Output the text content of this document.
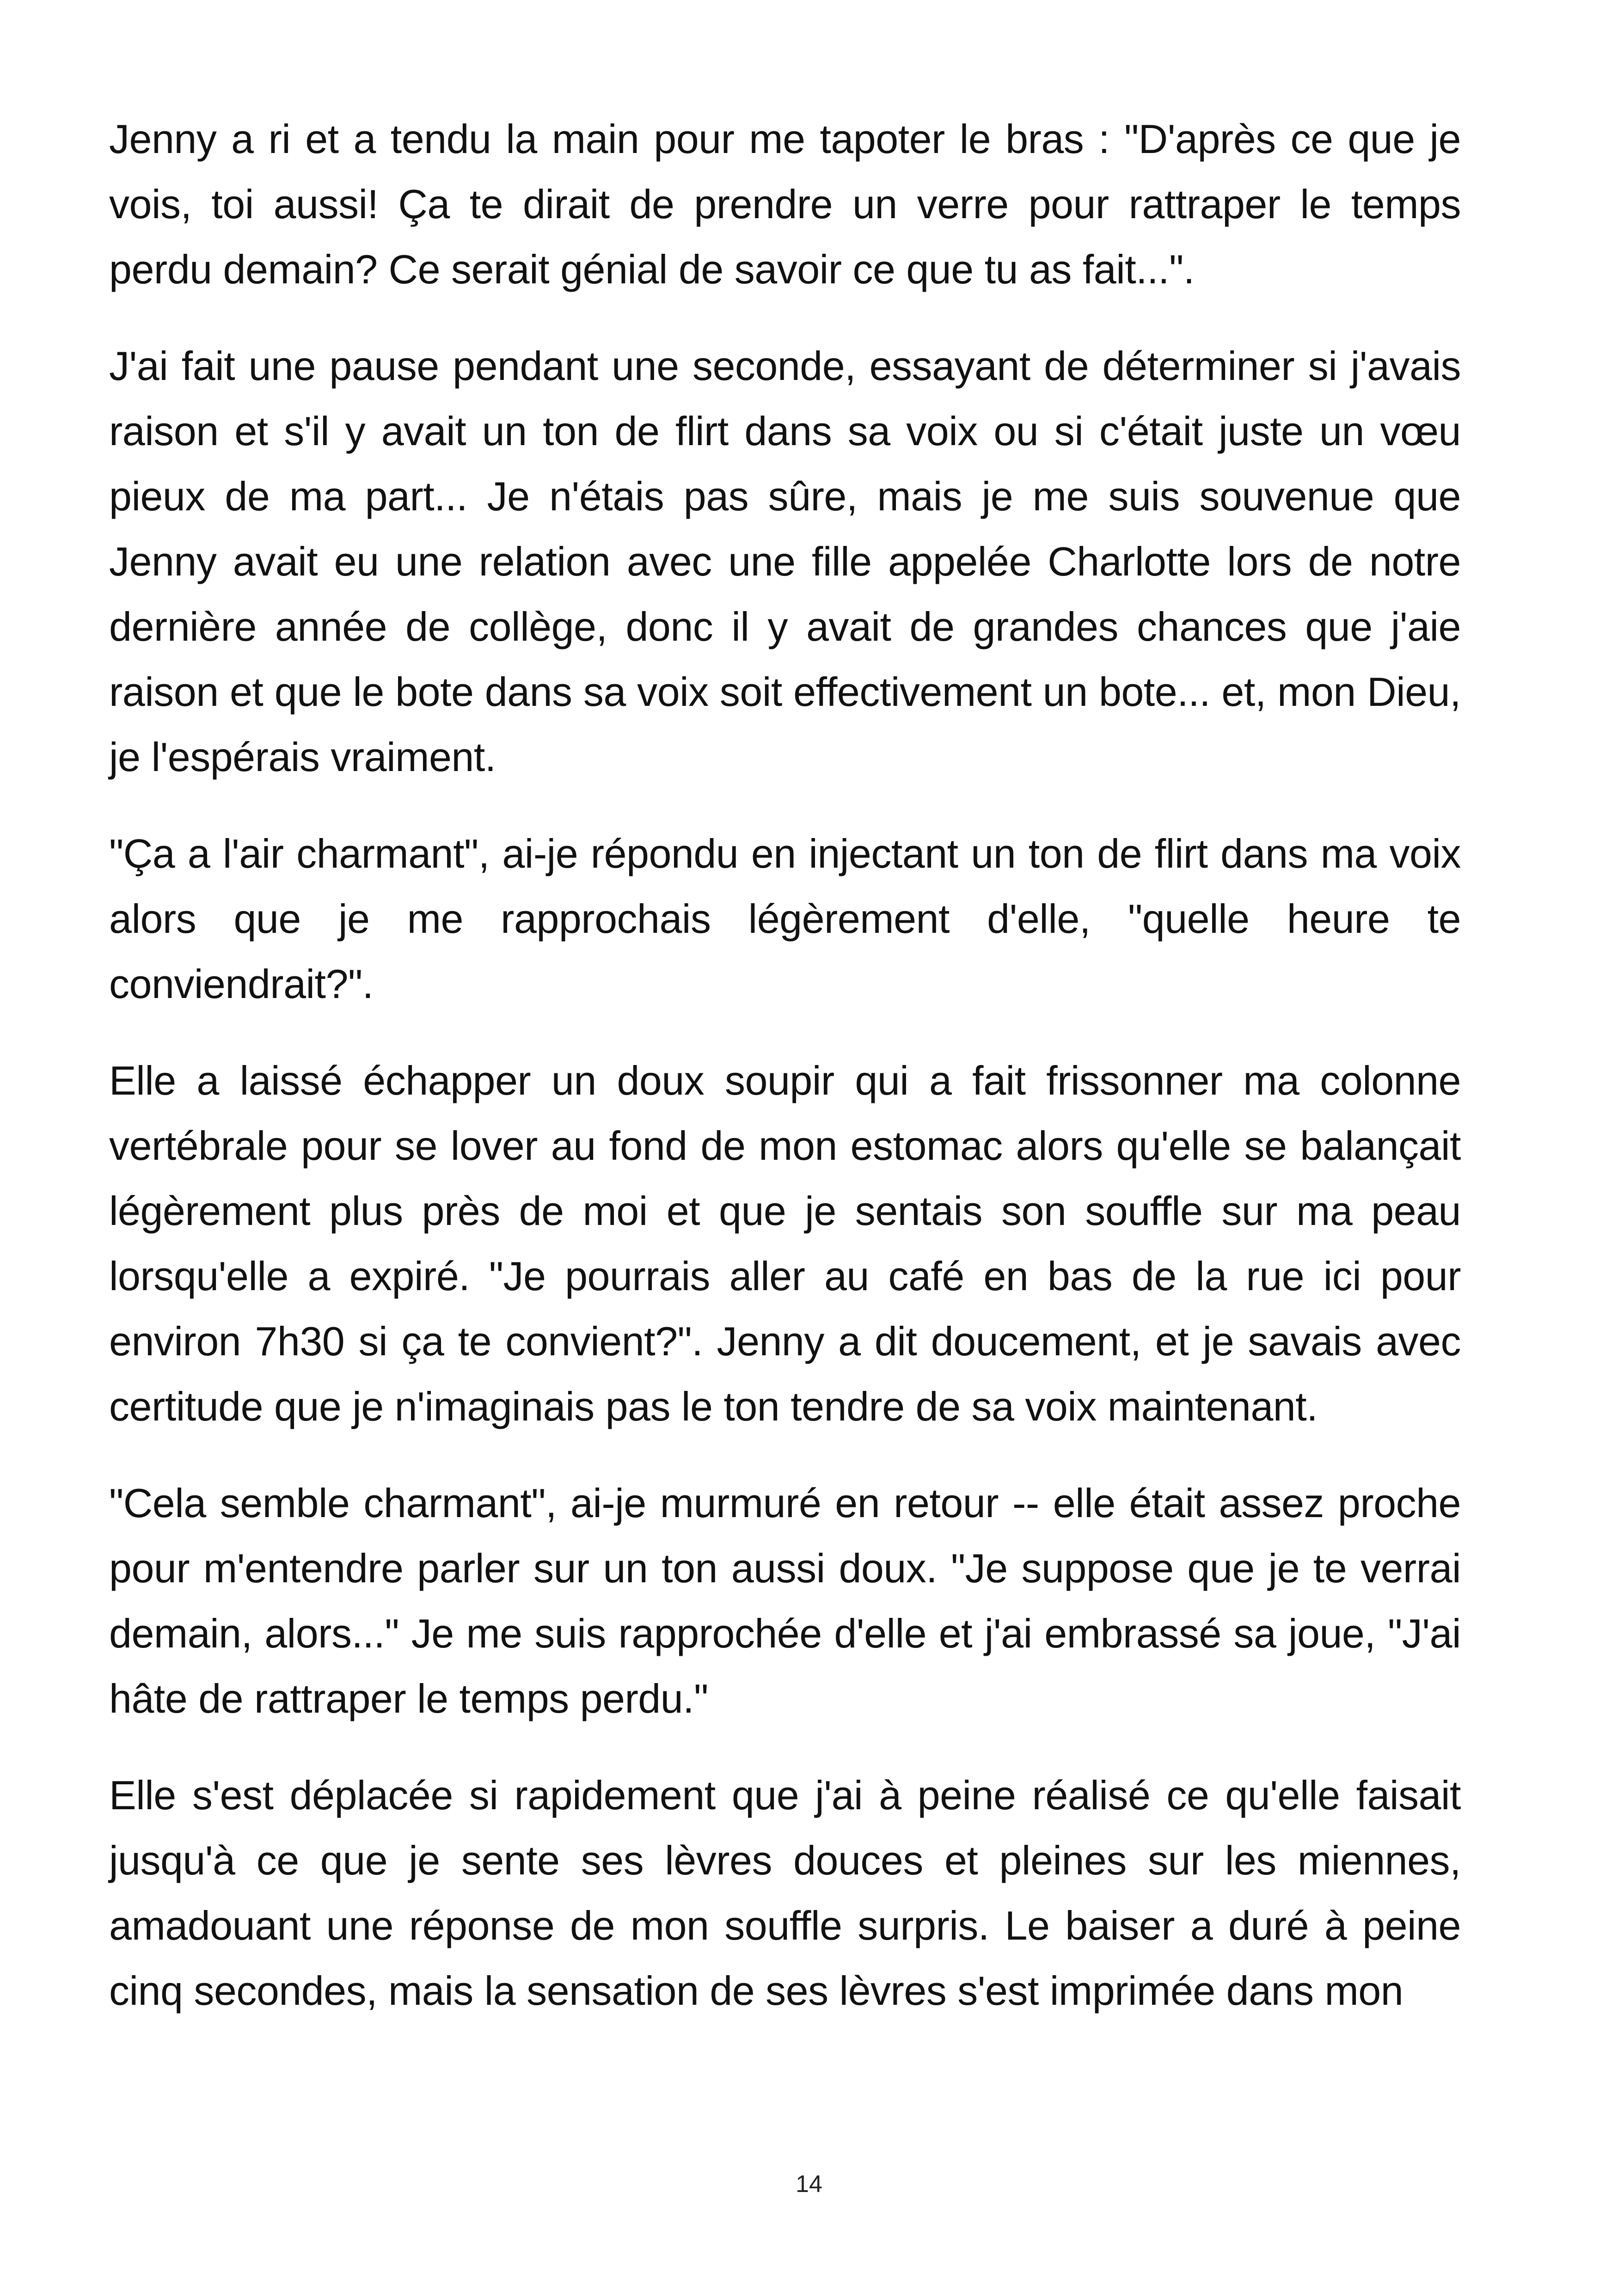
Jenny a ri et a tendu la main pour me tapoter le bras : "D'après ce que je vois, toi aussi! Ça te dirait de prendre un verre pour rattraper le temps perdu demain? Ce serait génial de savoir ce que tu as fait...".

J'ai fait une pause pendant une seconde, essayant de déterminer si j'avais raison et s'il y avait un ton de flirt dans sa voix ou si c'était juste un vœu pieux de ma part... Je n'étais pas sûre, mais je me suis souvenue que Jenny avait eu une relation avec une fille appelée Charlotte lors de notre dernière année de collège, donc il y avait de grandes chances que j'aie raison et que le bote dans sa voix soit effectivement un bote... et, mon Dieu, je l'espérais vraiment.

"Ça a l'air charmant", ai-je répondu en injectant un ton de flirt dans ma voix alors que je me rapprochais légèrement d'elle, "quelle heure te conviendrait?".

Elle a laissé échapper un doux soupir qui a fait frissonner ma colonne vertébrale pour se lover au fond de mon estomac alors qu'elle se balançait légèrement plus près de moi et que je sentais son souffle sur ma peau lorsqu'elle a expiré. "Je pourrais aller au café en bas de la rue ici pour environ 7h30 si ça te convient?". Jenny a dit doucement, et je savais avec certitude que je n'imaginais pas le ton tendre de sa voix maintenant.

"Cela semble charmant", ai-je murmuré en retour -- elle était assez proche pour m'entendre parler sur un ton aussi doux. "Je suppose que je te verrai demain, alors..." Je me suis rapprochée d'elle et j'ai embrassé sa joue, "J'ai hâte de rattraper le temps perdu."

Elle s'est déplacée si rapidement que j'ai à peine réalisé ce qu'elle faisait jusqu'à ce que je sente ses lèvres douces et pleines sur les miennes, amadouant une réponse de mon souffle surpris. Le baiser a duré à peine cinq secondes, mais la sensation de ses lèvres s'est imprimée dans mon

14
